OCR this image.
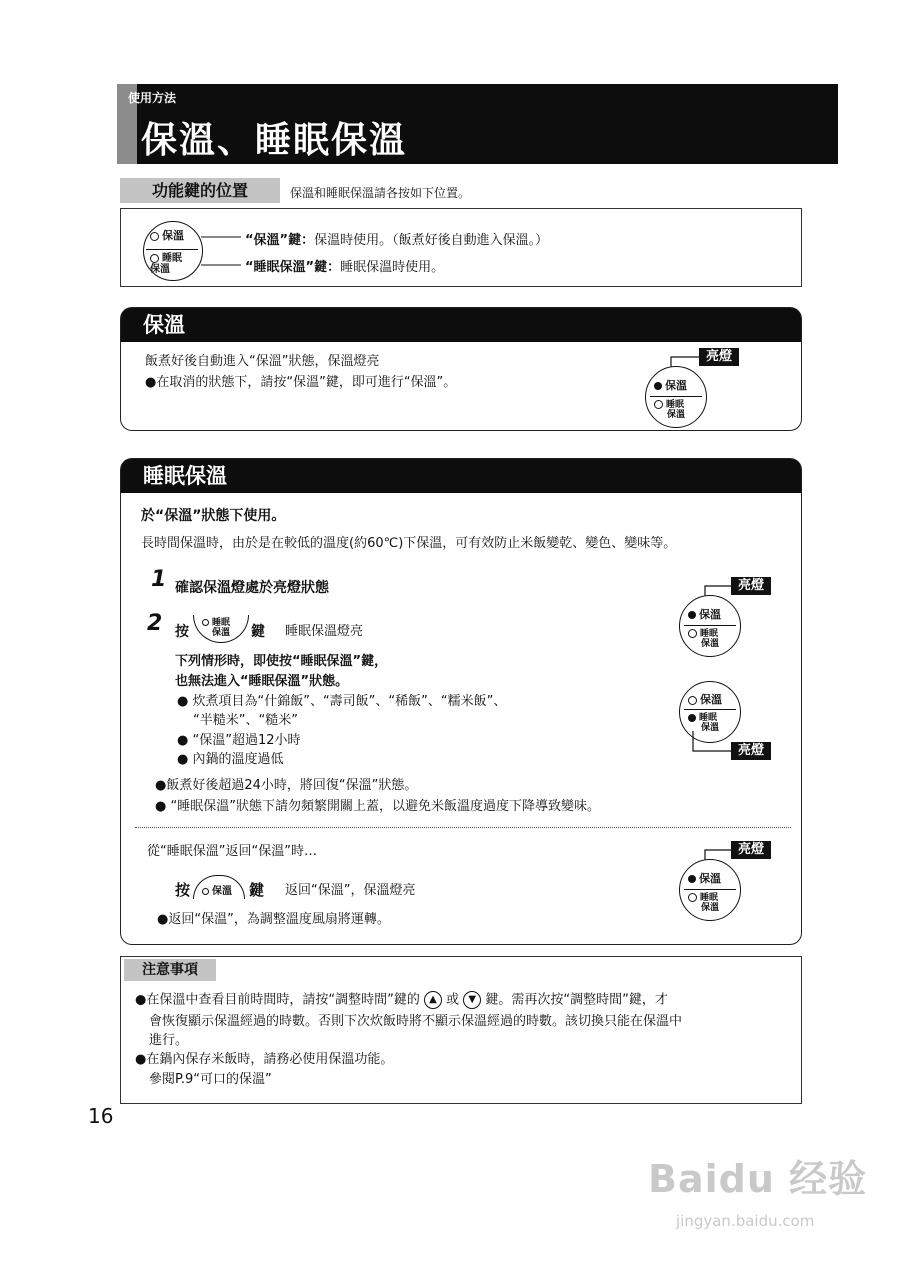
使用方法
保溫、睡眠保溫
功能鍵的位置	保溫和睡眠保溫請各按如下位置。
保溫
睡眠
保溫
“保溫”鍵：保溫時使用。（飯煮好後自動進入保溫。）
“睡眠保溫”鍵：睡眠保溫時使用。
保溫
飯煮好後自動進入“保溫”狀態，保溫燈亮
●在取消的狀態下，請按“保溫”鍵，即可進行“保溫”。
亮燈
保溫
睡眠
保溫
睡眠保溫
於“保溫”狀態下使用。
長時間保溫時，由於是在較低的溫度(約60℃)下保溫，可有效防止米飯變乾、變色、變味等。
1 確認保溫燈處於亮燈狀態
2 按
睡眠
保溫 鍵 睡眠保溫燈亮
下列情形時，即使按“睡眠保溫”鍵，
也無法進入“睡眠保溫”狀態。
● 炊煮項目為“什錦飯”、“壽司飯”、“稀飯”、“糯米飯”、
“半糙米”、“糙米”
● “保溫”超過12小時
● 內鍋的溫度過低
●飯煮好後超過24小時，將回復“保溫”狀態。
● “睡眠保溫”狀態下請勿頻繁開關上蓋，以避免米飯溫度過度下降導致變味。
從“睡眠保溫”返回“保溫”時…
按	保溫 鍵 返回“保溫”，保溫燈亮
●返回“保溫”，為調整溫度風扇將運轉。
亮燈
保溫
睡眠
保溫
保溫
睡眠
保溫
亮燈
亮燈
保溫
睡眠
保溫
●在保溫中查看目前時間時，請按“調整時間”鍵的 ▲ 或 ▼ 鍵。需再次按“調整時間”鍵，才
會恢復顯示保溫經過的時數。否則下次炊飯時將不顯示保溫經過的時數。該切換只能在保溫中
進行。
●在鍋內保存米飯時，請務必使用保溫功能。
參閱P.9“可口的保溫”
注意事項
16
Baidu 经验
jingyan.baidu.com
